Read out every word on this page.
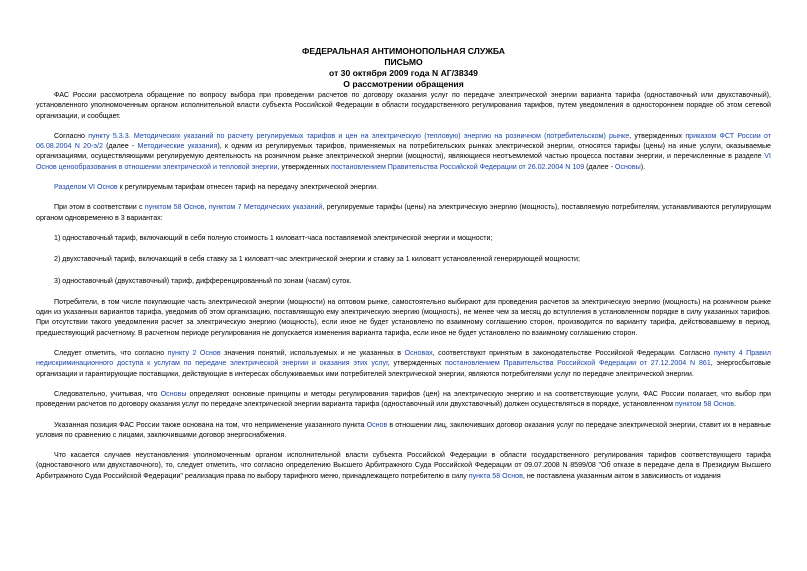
ФЕДЕРАЛЬНАЯ АНТИМОНОПОЛЬНАЯ СЛУЖБА
ПИСЬМО
от 30 октября 2009 года N АГ/38349
О рассмотрении обращения

ФАС России рассмотрела обращение по вопросу выбора при проведении расчетов по договору оказания услуг по передаче электрической энергии варианта тарифа (одноставочный или двухставочный), установленного уполномоченным органом исполнительной власти субъекта Российской Федерации в области государственного регулирования тарифов, путем уведомления в одностороннем порядке об этом сетевой организации, и сообщает.

Согласно пункту 5.3.3. Методических указаний по расчету регулируемых тарифов и цен на электрическую (тепловую) энергию на розничном (потребительском) рынке, утвержденных приказом ФСТ России от 06.08.2004 N 20-э/2 (далее - Методические указания), к одним из регулируемых тарифов, применяемых на потребительских рынках электрической энергии, относятся тарифы (цены) на иные услуги, оказываемые организациями, осуществляющими регулируемую деятельность на розничном рынке электрической энергии (мощности), являющиеся неотъемлемой частью процесса поставки энергии, и перечисленные в разделе VI Основ ценообразования в отношении электрической и тепловой энергии, утвержденных постановлением Правительства Российской Федерации от 26.02.2004 N 109 (далее - Основы).

Разделом VI Основ к регулируемым тарифам отнесен тариф на передачу электрической энергии.

При этом в соответствии с пунктом 58 Основ, пунктом 7 Методических указаний, регулируемые тарифы (цены) на электрическую энергию (мощность), поставляемую потребителям, устанавливаются регулирующим органом одновременно в 3 вариантах:

1) одноставочный тариф, включающий в себя полную стоимость 1 киловатт-часа поставляемой электрической энергии и мощности;

2) двухставочный тариф, включающий в себя ставку за 1 киловатт-час электрической энергии и ставку за 1 киловатт установленной генерирующей мощности;

3) одноставочный (двухставочный) тариф, дифференцированный по зонам (часам) суток.

Потребители, в том числе покупающие часть электрической энергии (мощности) на оптовом рынке, самостоятельно выбирают для проведения расчетов за электрическую энергию (мощность) на розничном рынке один из указанных вариантов тарифа, уведомив об этом организацию, поставляющую ему электрическую энергию (мощность), не менее чем за месяц до вступления в установленном порядке в силу указанных тарифов. При отсутствии такого уведомления расчет за электрическую энергию (мощность), если иное не будет установлено по взаимному соглашению сторон, производится по варианту тарифа, действовавшему в период, предшествующий расчетному. В расчетном периоде регулирования не допускается изменения варианта тарифа, если иное не будет установлено по взаимному соглашению сторон.

Следует отметить, что согласно пункту 2 Основ значения понятий, используемых и не указанных в Основах, соответствуют принятым в законодательстве Российской Федерации. Согласно пункту 4 Правил недискриминационного доступа к услугам по передаче электрической энергии и оказания этих услуг, утвержденных постановлением Правительства Российской Федерации от 27.12.2004 N 861, энергосбытовые организации и гарантирующие поставщики, действующие в интересах обслуживаемых ими потребителей электрической энергии, являются потребителями услуг по передаче электрической энергии.

Следовательно, учитывая, что Основы определяют основные принципы и методы регулирования тарифов (цен) на электрическую энергию и на соответствующие услуги, ФАС России полагает, что выбор при проведении расчетов по договору оказания услуг по передаче электрической энергии варианта тарифа (одноставочный или двухставочный) должен осуществляться в порядке, установленном пунктом 58 Основ.

Указанная позиция ФАС России также основана на том, что неприменение указанного пункта Основ в отношении лиц, заключивших договор оказания услуг по передаче электрической энергии, ставит их в неравные условия по сравнению с лицами, заключившими договор энергоснабжения.

Что касается случаев неустановления уполномоченным органом исполнительной власти субъекта Российской Федерации в области государственного регулирования тарифов соответствующего тарифа (одноставочного или двухставочного), то, следует отметить, что согласно определению Высшего Арбитражного Суда Российской Федерации от 09.07.2008 N 8599/08 "Об отказе в передаче дела в Президиум Высшего Арбитражного Суда Российской Федерации" реализация права по выбору тарифного меню, принадлежащего потребителю в силу пункта 58 Основ, не поставлена указанным актом в зависимость от издания
